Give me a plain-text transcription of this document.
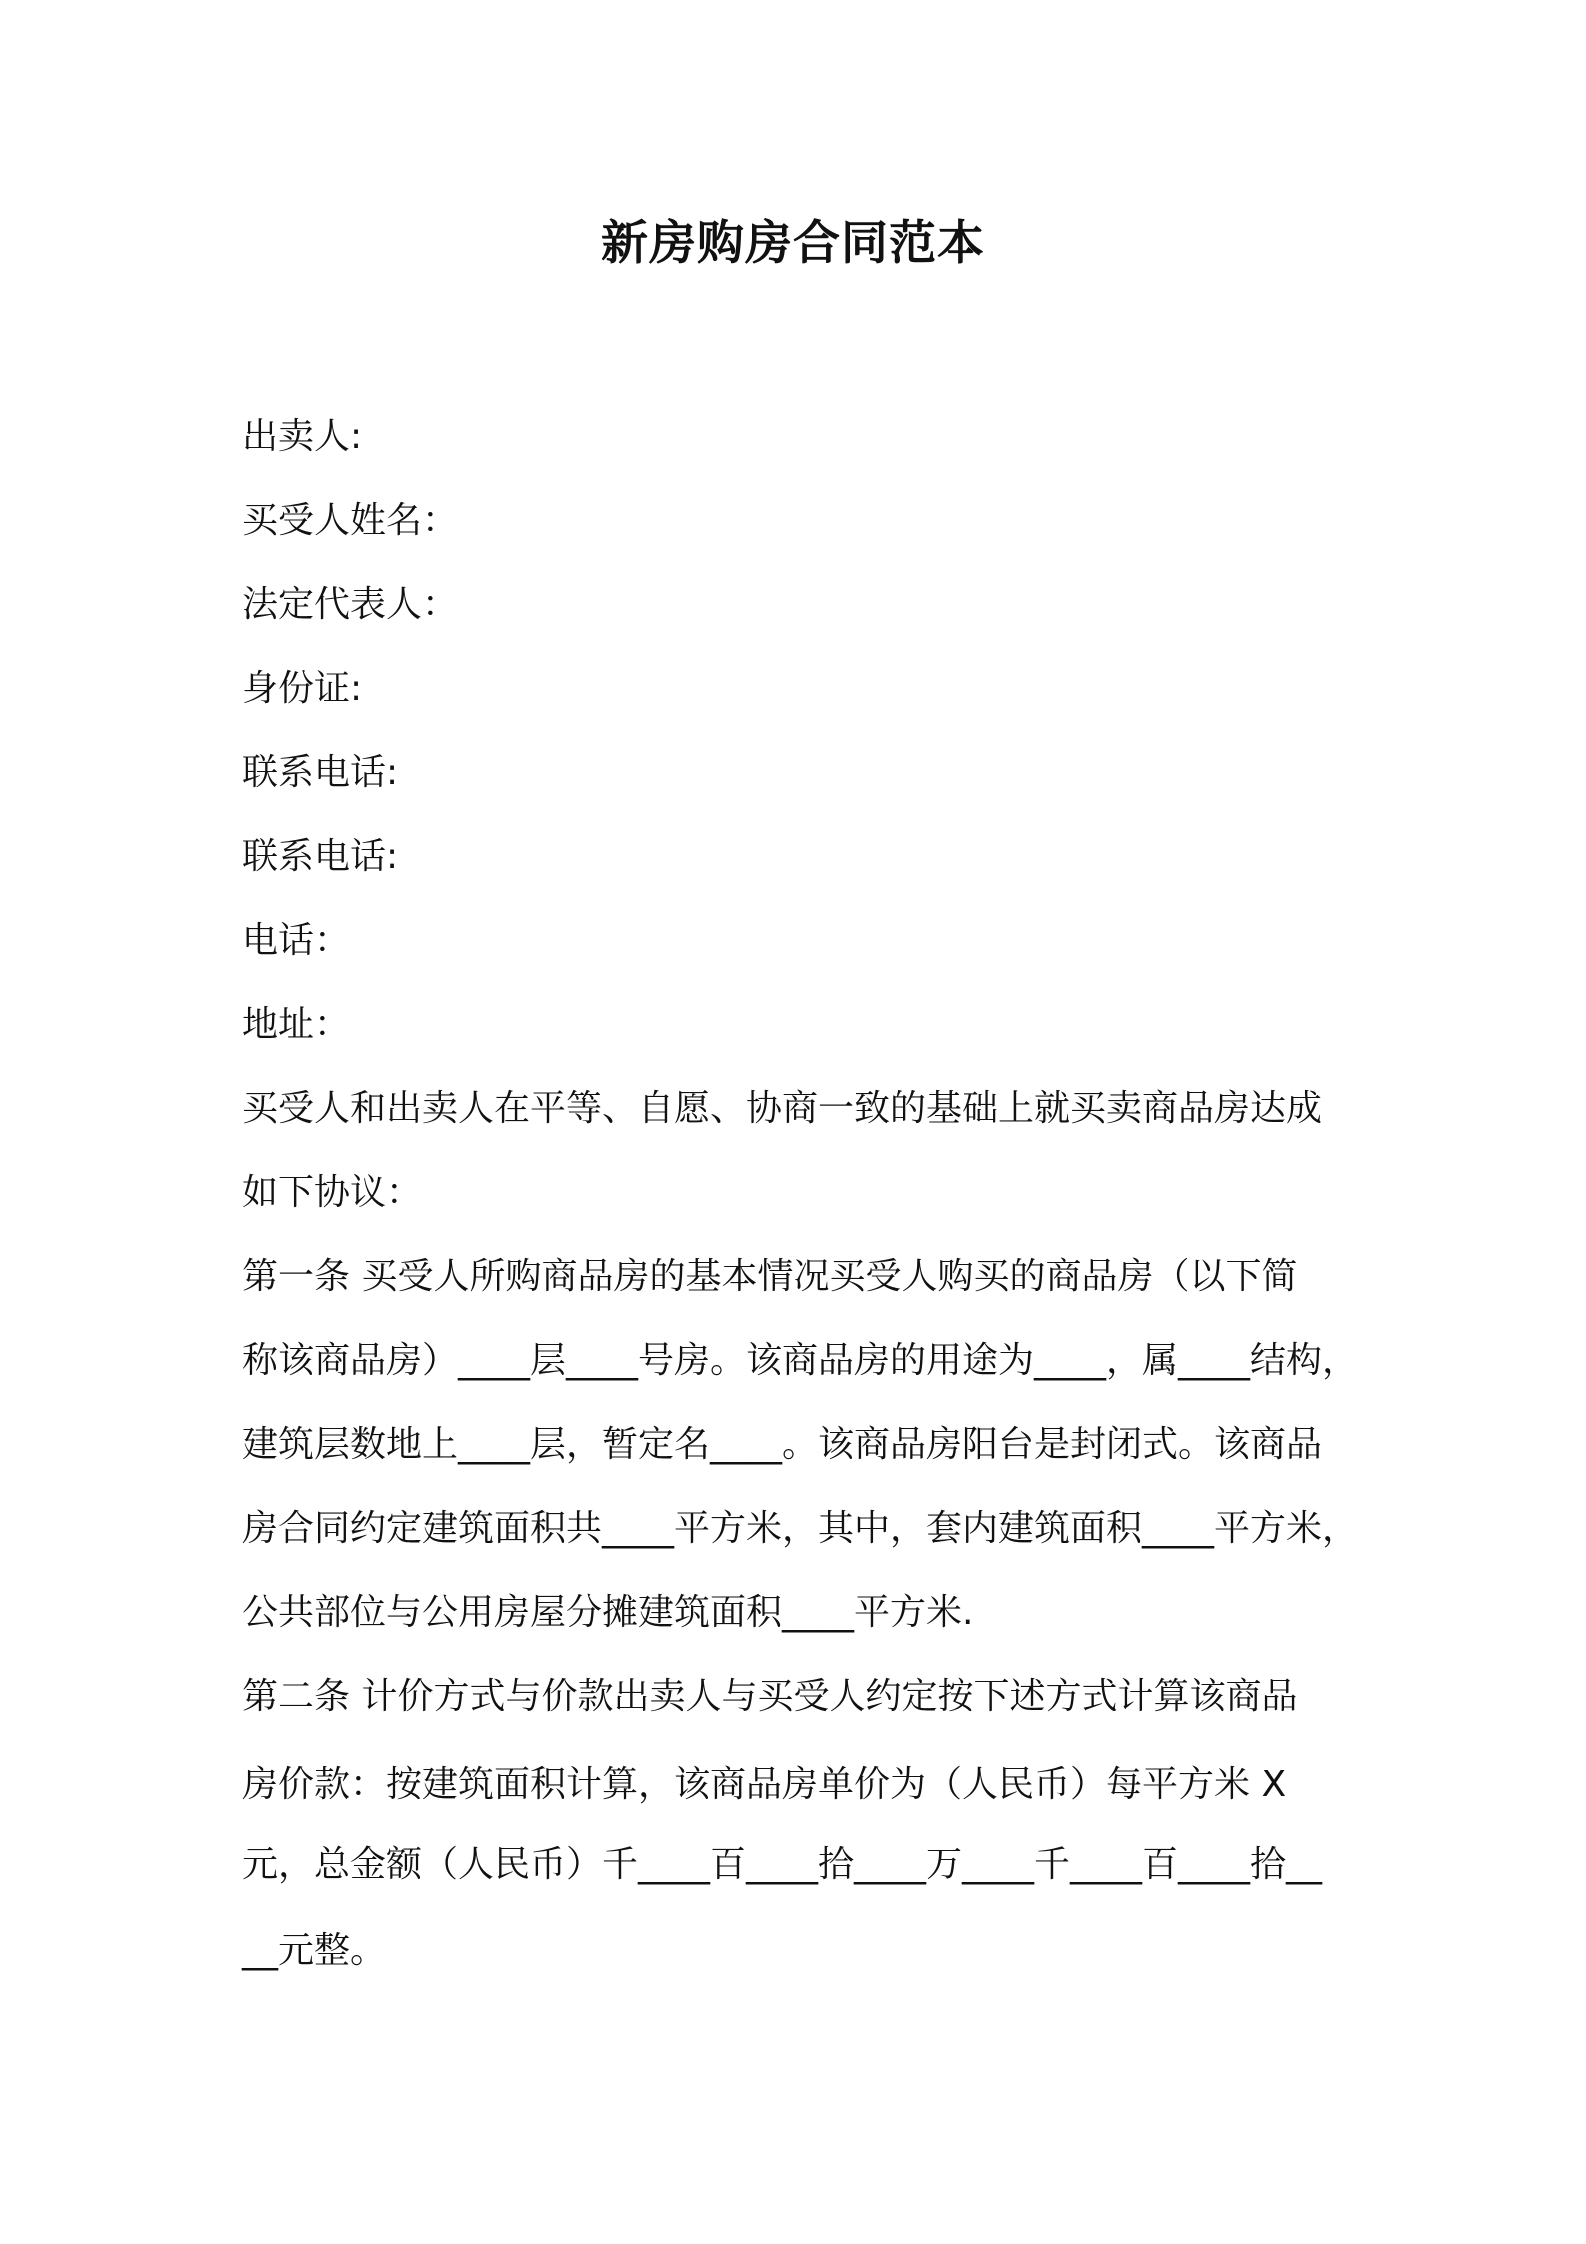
新房购房合同范本
出卖人:
买受人姓名：
法定代表人：
身份证:
联系电话:
联系电话:
电话：
地址：
买受人和出卖人在平等、自愿、协商一致的基础上就买卖商品房达成
如下协议：
第一条 买受人所购商品房的基本情况买受人购买的商品房（以下简
称该商品房）____层____号房。该商品房的用途为____，属____结构，
建筑层数地上____层，暂定名____。该商品房阳台是封闭式。该商品
房合同约定建筑面积共____平方米，其中，套内建筑面积____平方米，
公共部位与公用房屋分摊建筑面积____平方米.
第二条 计价方式与价款出卖人与买受人约定按下述方式计算该商品
房价款：按建筑面积计算，该商品房单价为（人民币）每平方米 X
元，总金额（人民币）千____百____拾____万____千____百____拾__
__元整。
